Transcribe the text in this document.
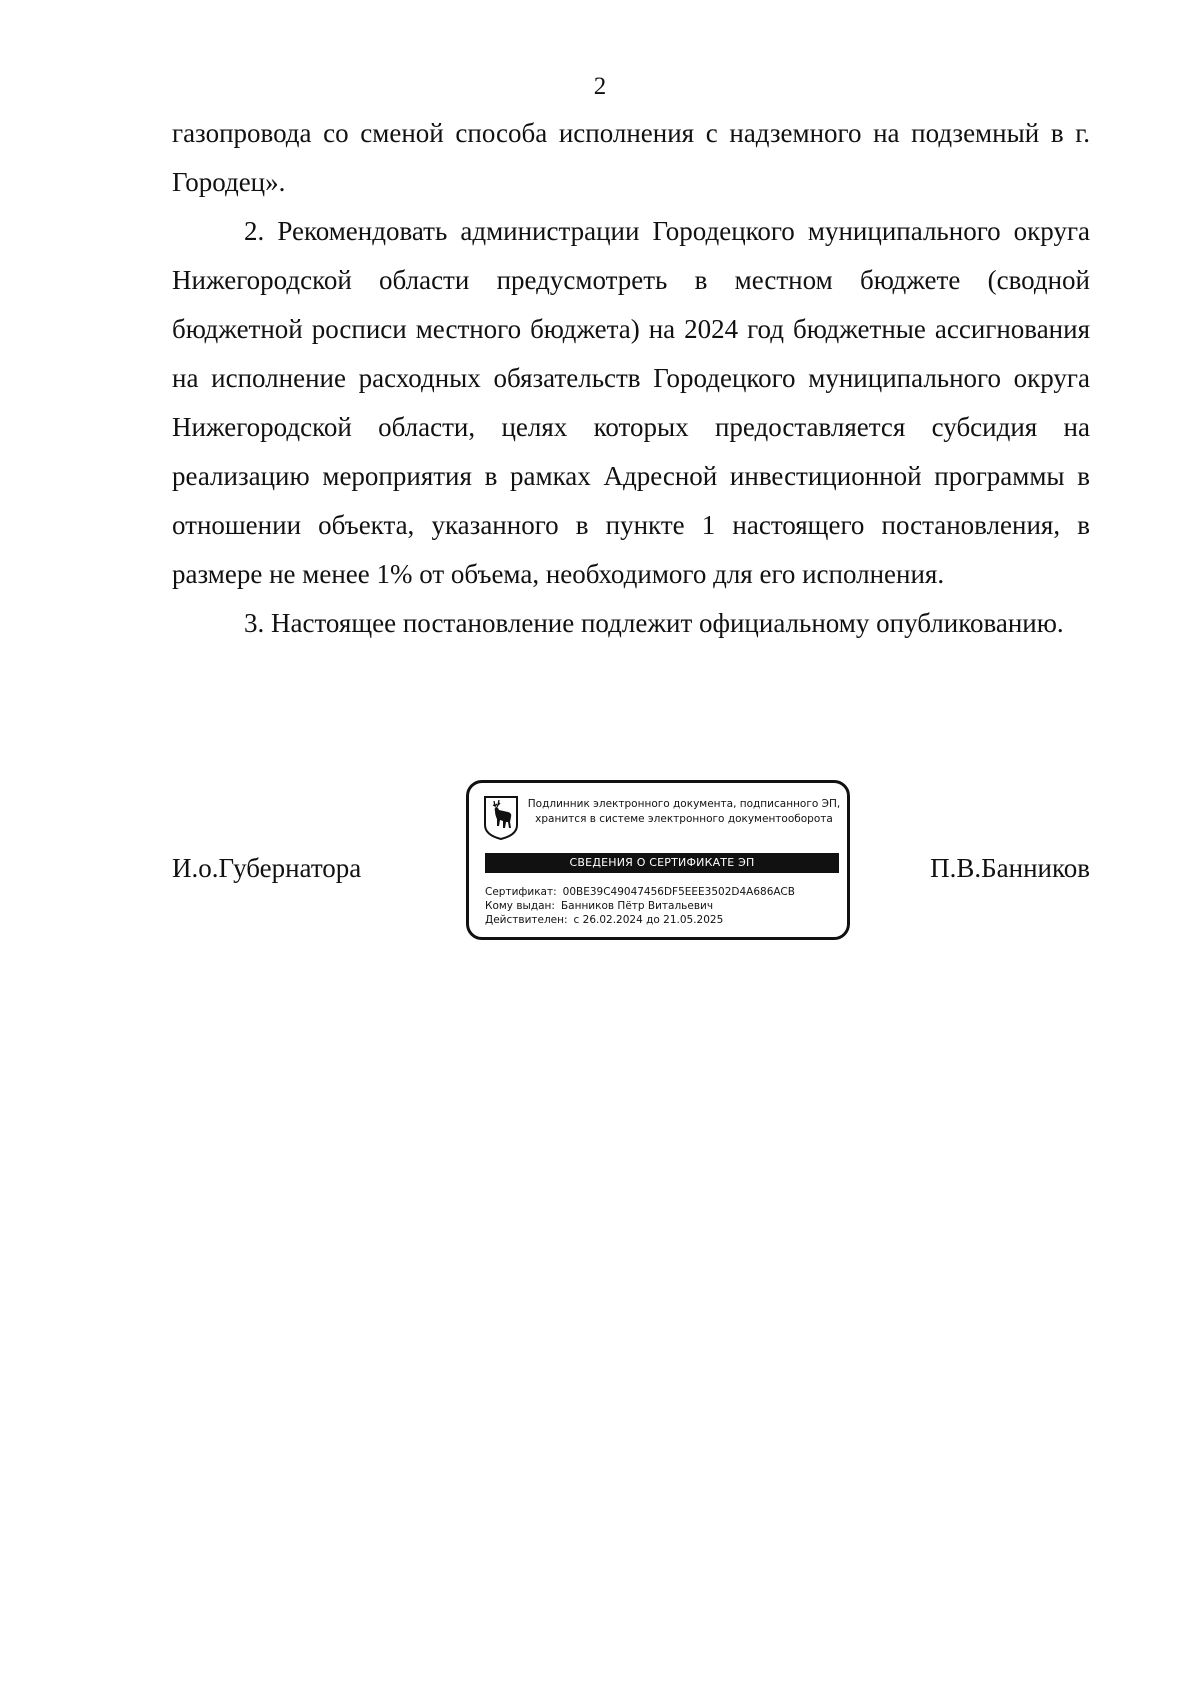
2

газопровода со сменой способа исполнения с надземного на подземный в г. Городец».

2. Рекомендовать администрации Городецкого муниципального округа Нижегородской области предусмотреть в местном бюджете (сводной бюджетной росписи местного бюджета) на 2024 год бюджетные ассигнования на исполнение расходных обязательств Городецкого муниципального округа Нижегородской области, целях которых предоставляется субсидия на реализацию мероприятия в рамках Адресной инвестиционной программы в отношении объекта, указанного в пункте 1 настоящего постановления, в размере не менее 1% от объема, необходимого для его исполнения.

3. Настоящее постановление подлежит официальному опубликованию.

И.о.Губернатора	П.В.Банников
Подлинник электронного документа, подписанного ЭП,
хранится в системе электронного документооборота
СВЕДЕНИЯ О СЕРТИФИКАТЕ ЭП
Сертификат: 00BE39C49047456DF5EEE3502D4A686ACB
Кому выдан: Банников Пётр Витальевич
Действителен: с 26.02.2024 до 21.05.2025
